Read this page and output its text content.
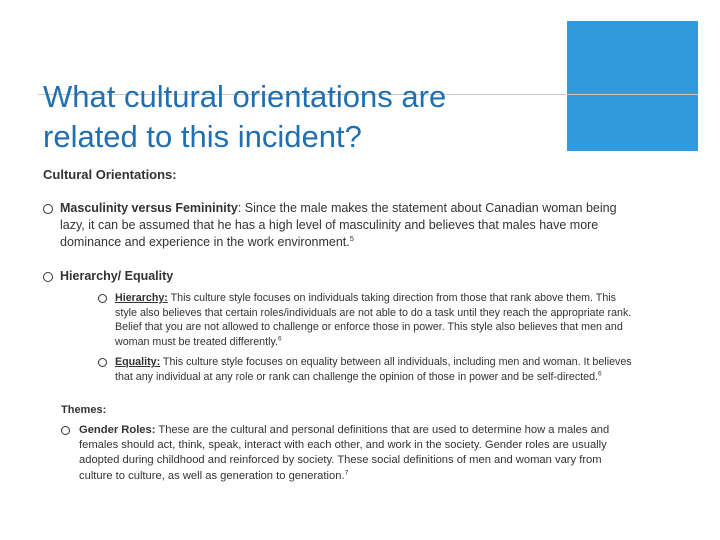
What cultural orientations are related to this incident?
Cultural Orientations:
Masculinity versus Femininity: Since the male makes the statement about Canadian woman being lazy, it can be assumed that he has a high level of masculinity and believes that males have more dominance and experience in the work environment.$^5$
Hierarchy/ Equality
Hierarchy: This culture style focuses on individuals taking direction from those that rank above them. This style also believes that certain roles/individuals are not able to do a task until they reach the appropriate rank. Belief that you are not allowed to challenge or enforce those in power. This style also believes that men and woman must be treated differently.$^6$
Equality: This culture style focuses on equality between all individuals, including men and woman. It believes that any individual at any role or rank can challenge the opinion of those in power and be self-directed.$^6$
Themes:
Gender Roles: These are the cultural and personal definitions that are used to determine how a males and females should act, think, speak, interact with each other, and work in the society. Gender roles are usually adopted during childhood and reinforced by society. These social definitions of men and woman vary from culture to culture, as well as generation to generation.$^7$
